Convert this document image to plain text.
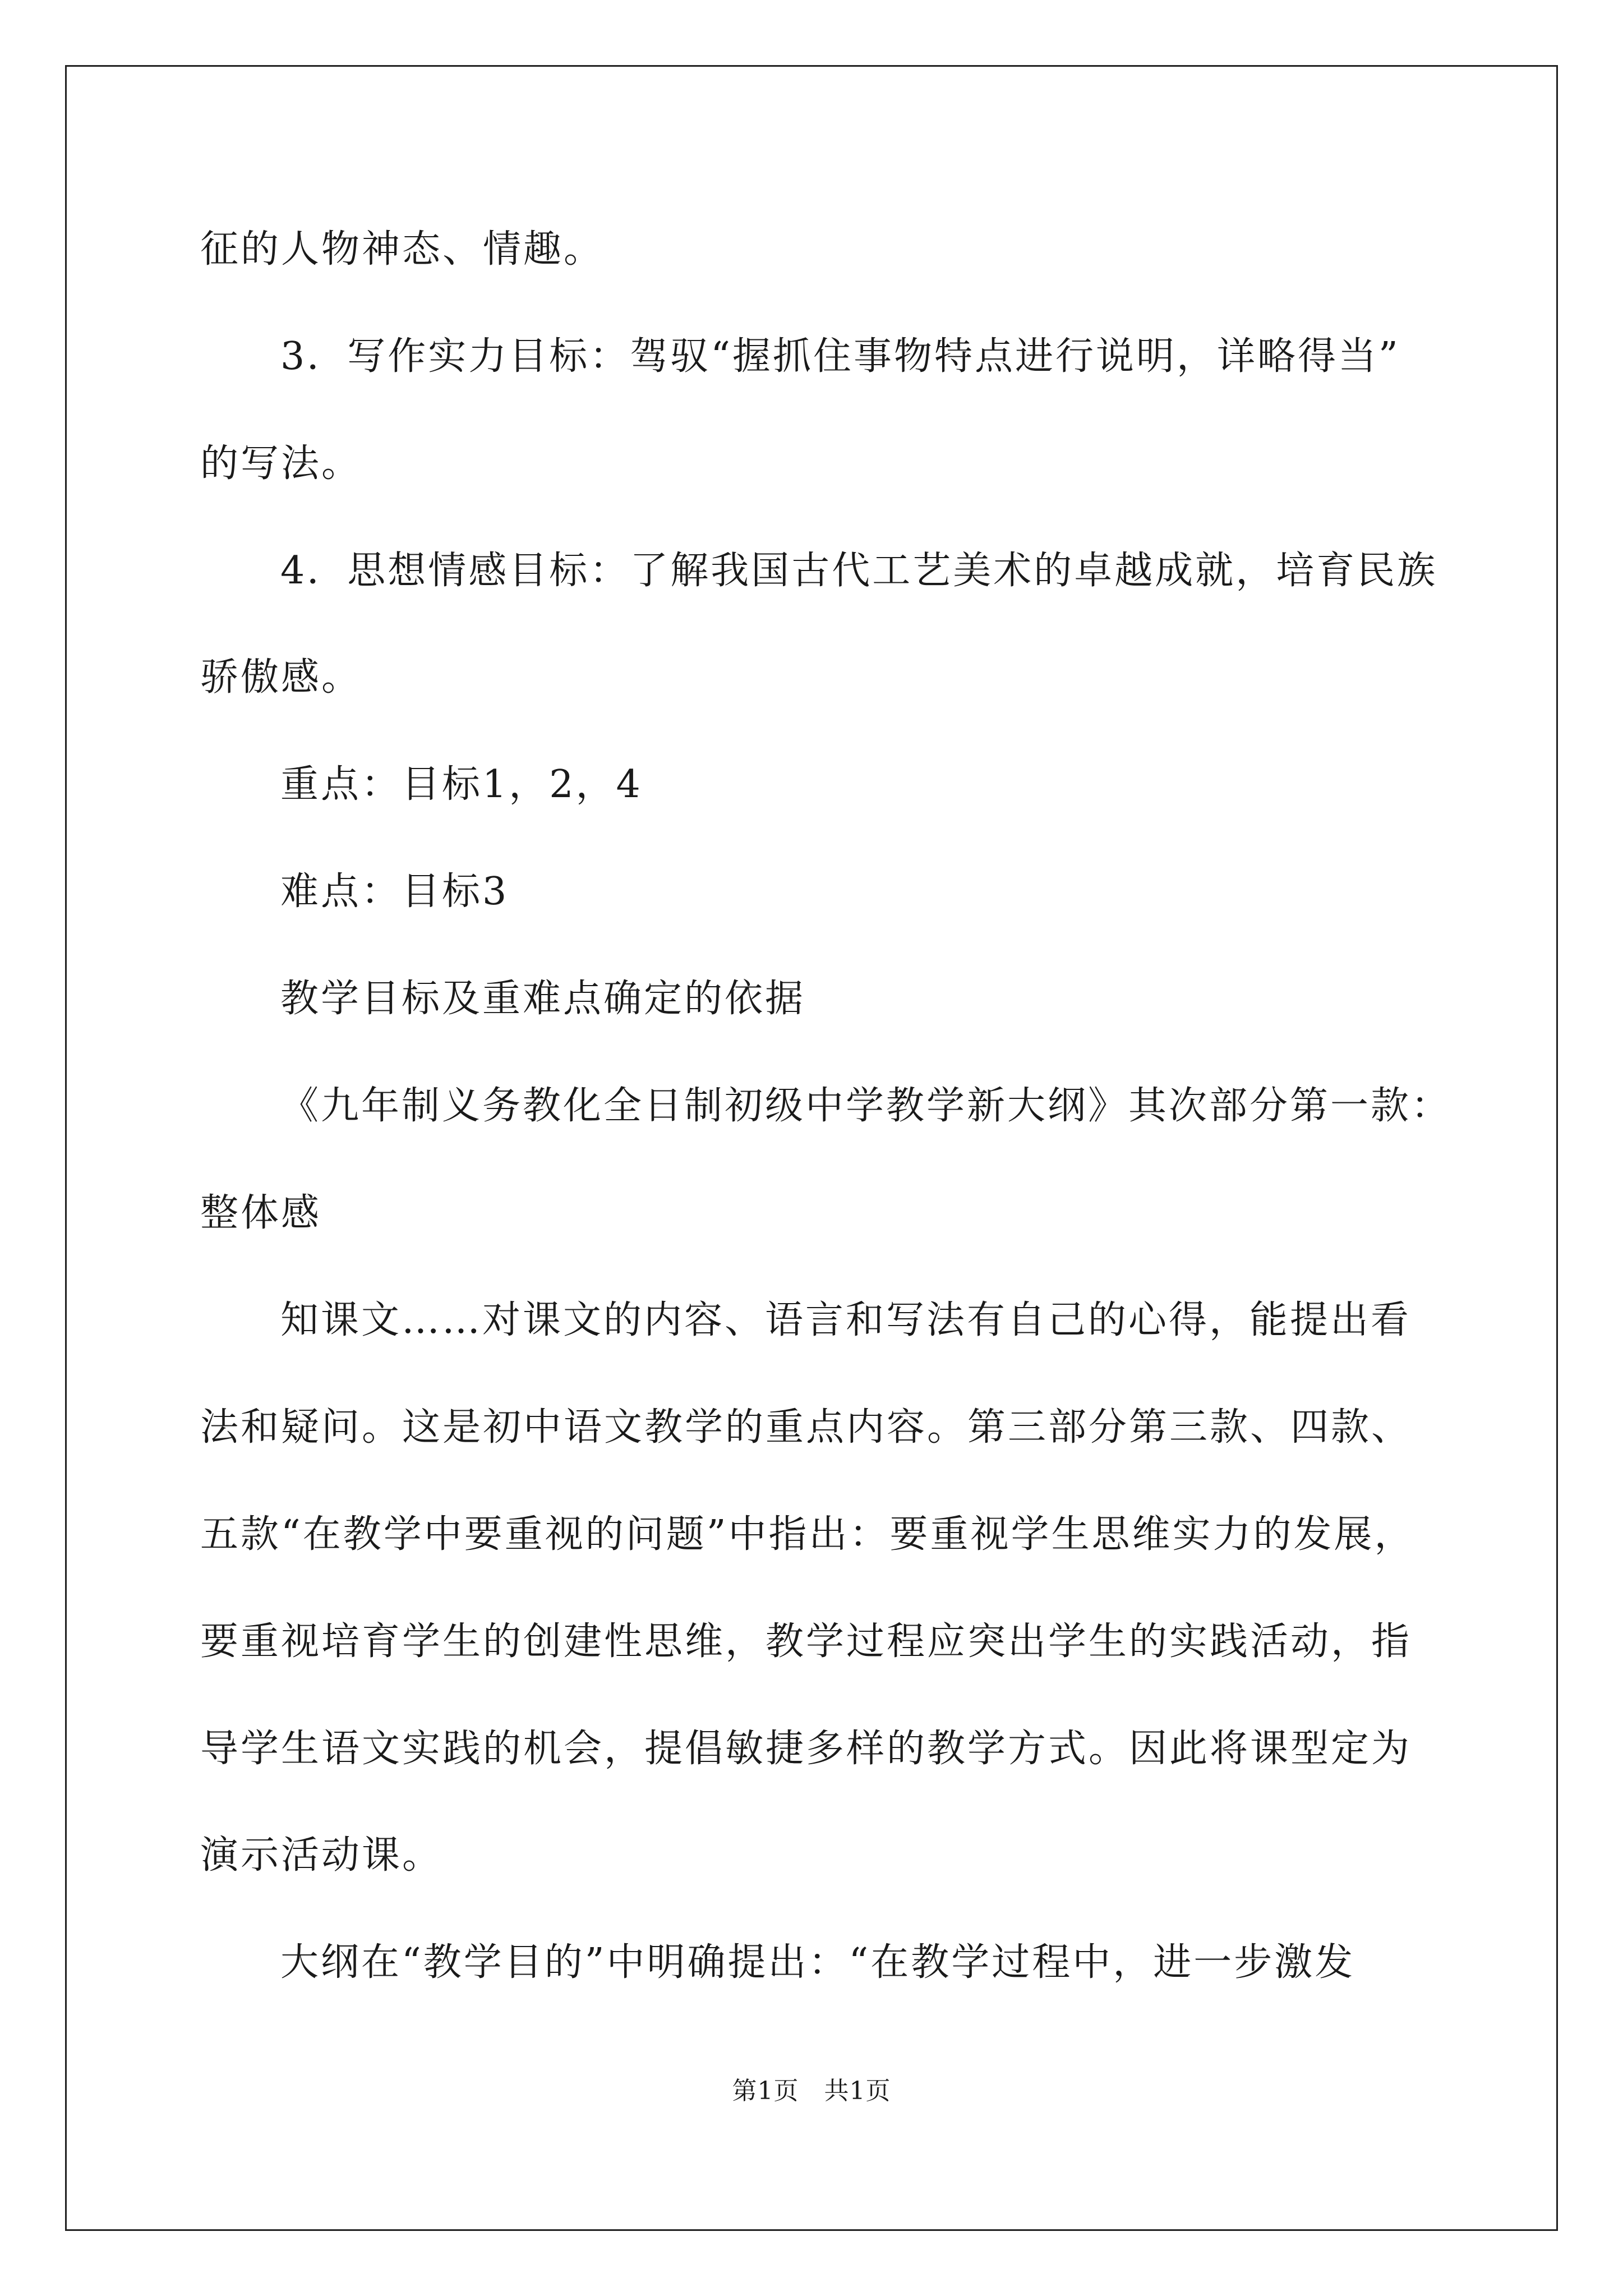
征的人物神态、情趣。
3．写作实力目标：驾驭“握抓住事物特点进行说明，详略得当”
的写法。
4．思想情感目标：了解我国古代工艺美术的卓越成就，培育民族
骄傲感。
重点：目标1，2，4
难点：目标3
教学目标及重难点确定的依据
《九年制义务教化全日制初级中学教学新大纲》其次部分第一款：
整体感
知课文……对课文的内容、语言和写法有自己的心得，能提出看
法和疑问。这是初中语文教学的重点内容。第三部分第三款、四款、
五款“在教学中要重视的问题”中指出：要重视学生思维实力的发展，
要重视培育学生的创建性思维，教学过程应突出学生的实践活动，指
导学生语文实践的机会，提倡敏捷多样的教学方式。因此将课型定为
演示活动课。
大纲在“教学目的”中明确提出：“在教学过程中，进一步激发
第1页　共1页
